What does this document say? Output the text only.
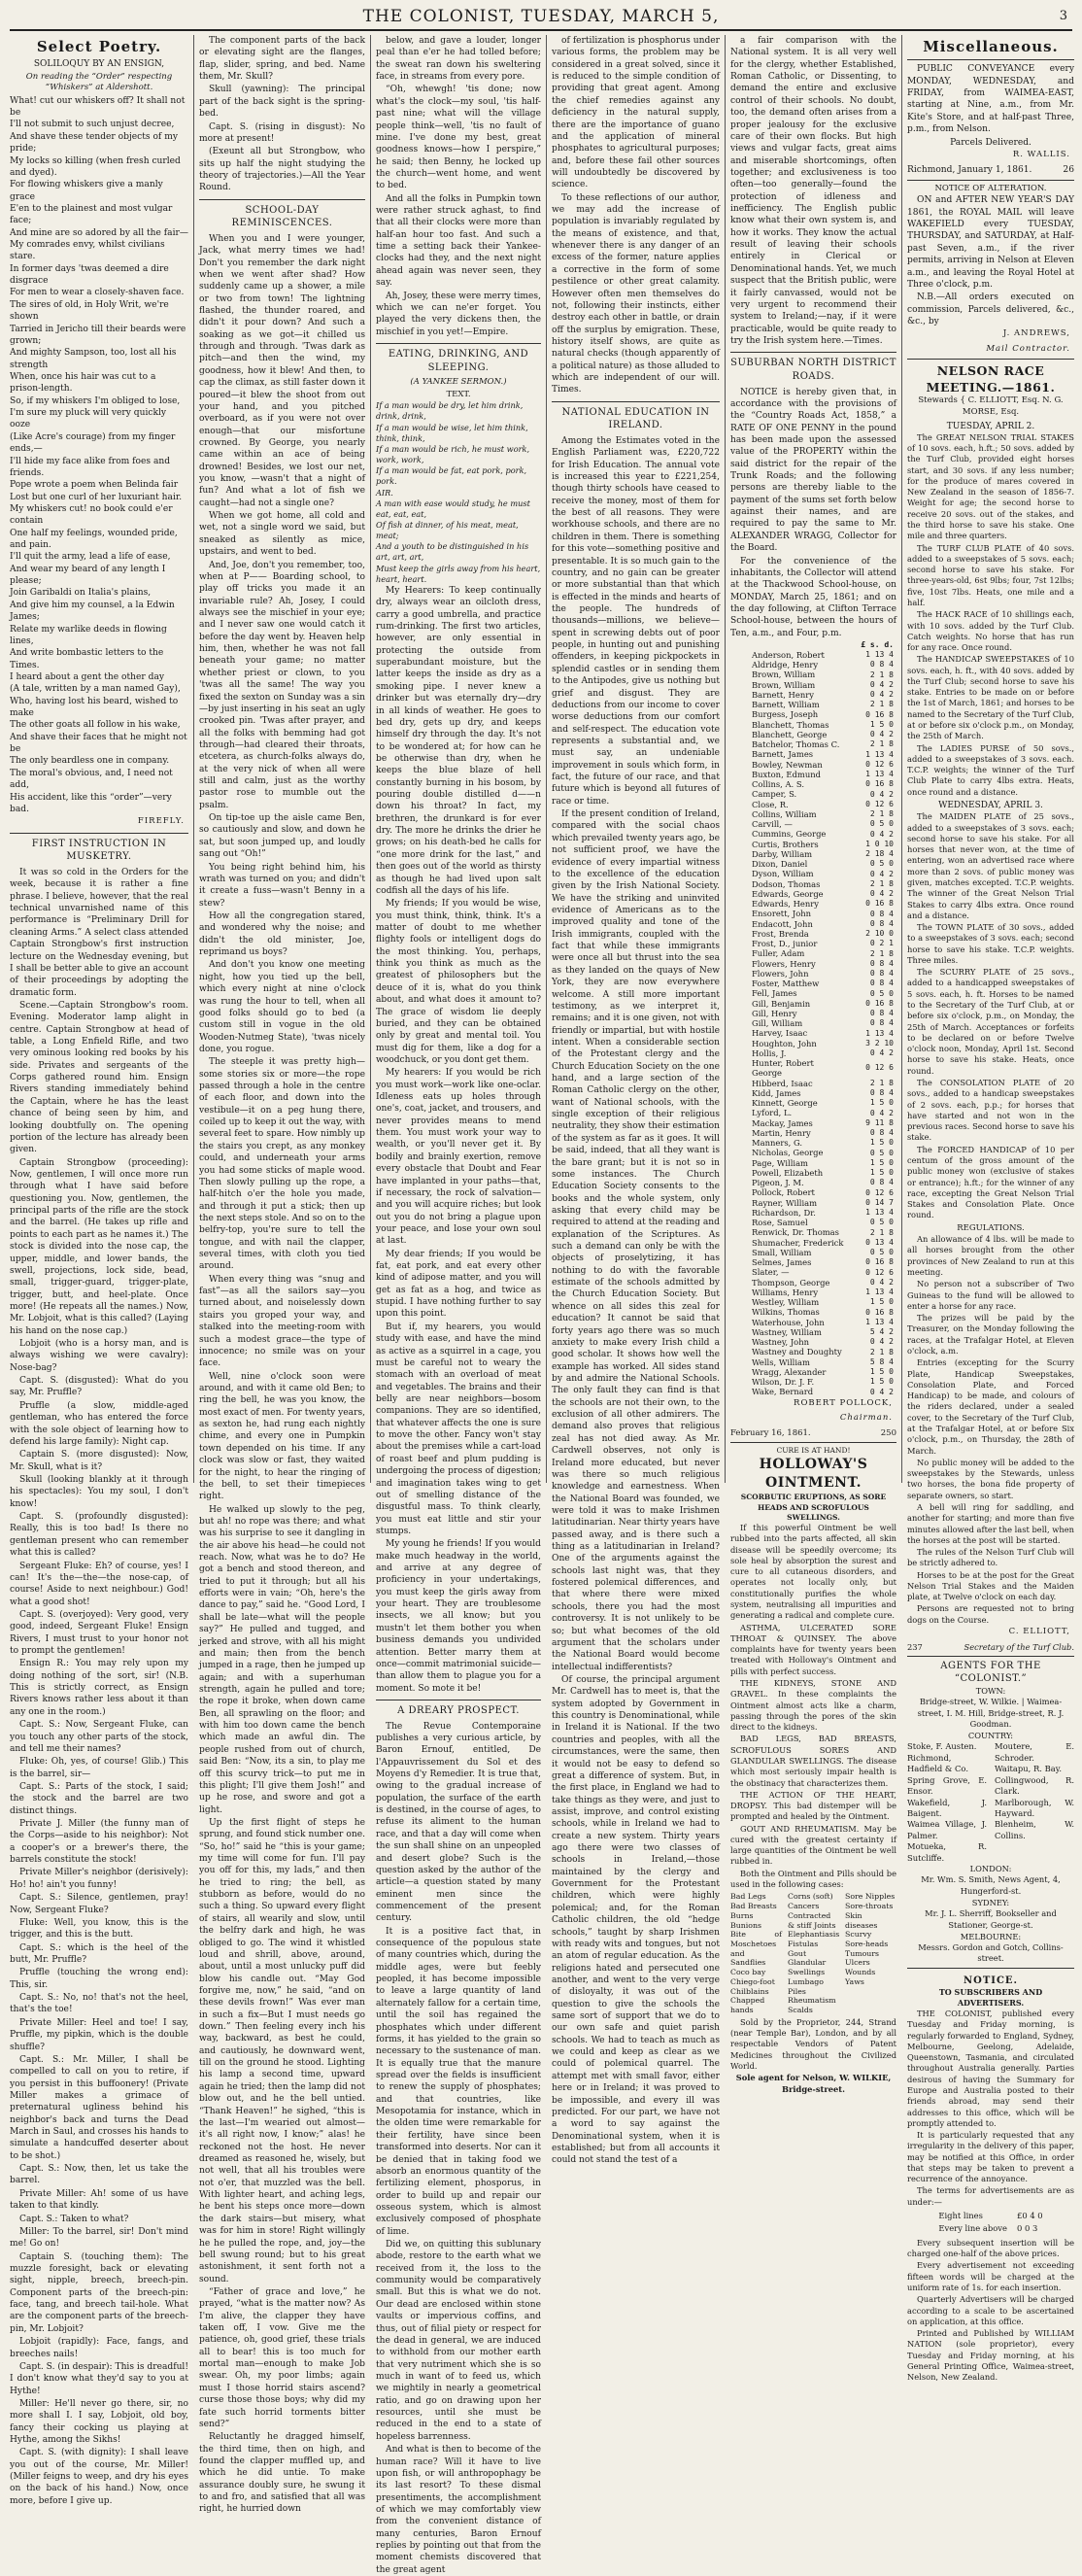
THE COLONIST, TUESDAY, MARCH 5,	3
Select Poetry.
SOLILOQUY BY AN ENSIGN,
On reading the “Order” respecting “Whiskers” at Aldershott.

What! cut our whiskers off? It shall not be

I'll not submit to such unjust decree,

And shave these tender objects of my pride;

My locks so killing (when fresh curled and dyed).

For flowing whiskers give a manly grace

E'en to the plainest and most vulgar face;

And mine are so adored by all the fair—

My comrades envy, whilst civilians stare.

In former days 'twas deemed a dire disgrace

For men to wear a closely-shaven face.

The sires of old, in Holy Writ, we're shown

Tarried in Jericho till their beards were grown;

And mighty Sampson, too, lost all his strength

When, once his hair was cut to a prison-length.

So, if my whiskers I'm obliged to lose,

I'm sure my pluck will very quickly ooze

(Like Acre's courage) from my finger ends,—

I'll hide my face alike from foes and friends.

Pope wrote a poem when Belinda fair

Lost but one curl of her luxuriant hair.

My whiskers cut! no book could e'er contain

One half my feelings, wounded pride, and pain.

I'll quit the army, lead a life of ease,

And wear my beard of any length I please;

Join Garibaldi on Italia's plains,

And give him my counsel, a la Edwin James;

Relate my warlike deeds in flowing lines,

And write bombastic letters to the Times.

I heard about a gent the other day

(A tale, written by a man named Gay),

Who, having lost his beard, wished to make

The other goats all follow in his wake,

And shave their faces that he might not be

The only beardless one in company.

The moral's obvious, and, I need not add,

His accident, like this “order”—very bad.

FIREFLY.
FIRST INSTRUCTION IN MUSKETRY.

It was so cold in the Orders for the week, because it is rather a fine phrase. I believe, however, that the real technical unvarnished name of this performance is “Preliminary Drill for cleaning Arms.” A select class attended Captain Strongbow's first instruction lecture on the Wednesday evening, but I shall be better able to give an account of their proceedings by adopting the dramatic form.

Scene.—Captain Strongbow's room. Evening. Moderator lamp alight in centre. Captain Strongbow at head of table, a Long Enfield Rifle, and two very ominous looking red books by his side. Privates and sergeants of the Corps gathered round him. Ensign Rivers standing immediately behind the Captain, where he has the least chance of being seen by him, and looking doubtfully on. The opening portion of the lecture has already been given.

Captain Strongbow (proceeding): Now, gentlemen, I will once more run through what I have said before questioning you. Now, gentlemen, the principal parts of the rifle are the stock and the barrel. (He takes up rifle and points to each part as he names it.) The stock is divided into the nose cap, the upper, middle, and lower bands, the swell, projections, lock side, bead, small, trigger-guard, trigger-plate, trigger, butt, and heel-plate. Once more! (He repeats all the names.) Now, Mr. Lobjoit, what is this called? (Laying his hand on the nose cap.)

Lobjoit (who is a horsy man, and is always wishing we were cavalry): Nose-bag?

Capt. S. (disgusted): What do you say, Mr. Pruffle?

Pruffle (a slow, middle-aged gentleman, who has entered the force with the sole object of learning how to defend his large family): Night cap.

Captain S. (more disgusted): Now, Mr. Skull, what is it?

Skull (looking blankly at it through his spectacles): You my soul, I don't know!

Capt. S. (profoundly disgusted): Really, this is too bad! Is there no gentleman present who can remember what this is called?

Sergeant Fluke: Eh? of course, yes! I can! It's the—the—the nose-cap, of course! Aside to next neighbour.) God! what a good shot!

Capt. S. (overjoyed): Very good, very good, indeed, Sergeant Fluke! Ensign Rivers, I must trust to your honor not to prompt the gentlemen!

Ensign R.: You may rely upon my doing nothing of the sort, sir! (N.B. This is strictly correct, as Ensign Rivers knows rather less about it than any one in the room.)

Capt. S.: Now, Sergeant Fluke, can you touch any other parts of the stock, and tell me their names?

Fluke: Oh, yes, of course! Glib.) This is the barrel, sir—

Capt. S.: Parts of the stock, I said; the stock and the barrel are two distinct things.

Private J. Miller (the funny man of the Corps—aside to his neighbor): Not a cooper's or a brewer's there, the barrels constitute the stock!

Private Miller's neighbor (derisively): Ho! ho! ain't you funny!

Capt. S.: Silence, gentlemen, pray! Now, Sergeant Fluke?

Fluke: Well, you know, this is the trigger, and this is the butt.

Capt. S.: which is the heel of the butt, Mr. Pruffle?

Pruffle (touching the wrong end): This, sir.

Capt. S.: No, no! that's not the heel, that's the toe!

Private Miller: Heel and toe! I say, Pruffle, my pipkin, which is the double shuffle?

Capt. S.: Mr. Miller, I shall be compelled to call on you to retire, if you persist in this buffoonery! (Private Miller makes a grimace of preternatural ugliness behind his neighbor's back and turns the Dead March in Saul, and crosses his hands to simulate a handcuffed deserter about to be shot.)

Capt. S.: Now, then, let us take the barrel.

Private Miller: Ah! some of us have taken to that kindly.

Capt. S.: Taken to what?

Miller: To the barrel, sir! Don't mind me! Go on!

Captain S. (touching them): The muzzle foresight, back or elevating sight, nipple, breech, breech-pin. Component parts of the breech-pin: face, tang, and breech tail-hole. What are the component parts of the breech-pin, Mr. Lobjoit?

Lobjoit (rapidly): Face, fangs, and breeches nails!

Capt. S. (in despair): This is dreadful! I don't know what they'd say to you at Hythe!

Miller: He'll never go there, sir, no more shall I. I say, Lobjoit, old boy, fancy their cocking us playing at Hythe, among the Sikhs!

Capt. S. (with dignity): I shall leave you out of the course, Mr. Miller! (Miller feigns to weep, and dry his eyes on the back of his hand.) Now, once more, before I give up.

The component parts of the back or elevating sight are the flanges, flap, slider, spring, and bed. Name them, Mr. Skull?

Skull (yawning): The principal part of the back sight is the spring-bed.

Capt. S. (rising in disgust): No more at present!

(Exeunt all but Strongbow, who sits up half the night studying the theory of trajectories.)—All the Year Round.

SCHOOL-DAY REMINISCENCES.

When you and I were younger, Jack, what merry times we had! Don't you remember the dark night when we went after shad? How suddenly came up a shower, a mile or two from town! The lightning flashed, the thunder roared, and didn't it pour down? And such a soaking as we got—it chilled us through and through. 'Twas dark as pitch—and then the wind, my goodness, how it blew! And then, to cap the climax, as still faster down it poured—it blew the shoot from out your hand, and you pitched overboard, as if you were not over enough—that our misfortune crowned. By George, you nearly came within an ace of being drowned! Besides, we lost our net, you know, —wasn't that a night of fun? And what a lot of fish we caught—had not a single one?

When we got home, all cold and wet, not a single word we said, but sneaked as silently as mice, upstairs, and went to bed.

And, Joe, don't you remember, too, when at P—— Boarding school, to play off tricks you made it an invariable rule? Ah, Josey, I could always see the mischief in your eye; and I never saw one would catch it before the day went by. Heaven help him, then, whether he was not fall beneath your game; no matter whether priest or clown, to you 'twas all the same! The way you fixed the sexton on Sunday was a sin—by just inserting in his seat an ugly crooked pin. 'Twas after prayer, and all the folks with bemming had got through—had cleared their throats, etcetera, as church-folks always do, at the very nick of when all were still and calm, just as the worthy pastor rose to mumble out the psalm.

On tip-toe up the aisle came Ben, so cautiously and slow, and down he sat, but soon jumped up, and loudly sang out “Oh!”

You being right behind him, his wrath was turned on you; and didn't it create a fuss—wasn't Benny in a stew?

How all the congregation stared, and wondered why the noise; and didn't the old minister, Joe, reprimand us boys?

And don't you know one meeting night, how you tied up the bell, which every night at nine o'clock was rung the hour to tell, when all good folks should go to bed (a custom still in vogue in the old Wooden-Nutmeg State), 'twas nicely done, you rogue.

The steeple it was pretty high—some stories six or more—the rope passed through a hole in the centre of each floor, and down into the vestibule—it on a peg hung there, coiled up to keep it out the way, with several feet to spare. How nimbly up the stairs you crept, as any monkey could, and underneath your arms you had some sticks of maple wood. Then slowly pulling up the rope, a half-hitch o'er the hole you made, and through it put a stick; then up the next steps stole. And so on to the belfry-top, you're sure to tell the tongue, and with nail the clapper, several times, with cloth you tied around.

When every thing was “snug and fast”—as all the sailors say—you turned about, and noiselessly down stairs you groped your way, and stalked into the meeting-room with such a modest grace—the type of innocence; no smile was on your face.

Well, nine o'clock soon were around, and with it came old Ben; to ring the bell, he was you know, the most exact of men. For twenty years, as sexton he, had rung each nightly chime, and every one in Pumpkin town depended on his time. If any clock was slow or fast, they waited for the night, to hear the ringing of the bell, to set their timepieces right.

He walked up slowly to the peg, but ah! no rope was there; and what was his surprise to see it dangling in the air above his head—he could not reach. Now, what was he to do? He got a bench and stood thereon, and tried to put it through; but all his efforts were in vain; “Oh, here's the dance to pay,” said he. “Good Lord, I shall be late—what will the people say?” He pulled and tugged, and jerked and strove, with all his might and main; then from the bench jumped in a rage, then he jumped up again; and with a superhuman strength, again he pulled and tore; the rope it broke, when down came Ben, all sprawling on the floor; and with him too down came the bench which made an awful din. The people rushed from out of church, said Ben: “Now, its a sin, to play me off this scurvy trick—to put me in this plight; I'll give them Josh!” and up he rose, and swore and got a light.

Up the first flight of steps he sprung, and found stick number one. “So, ho!” said he “this is your game; my time will come for fun. I'll pay you off for this, my lads,” and then he tried to ring; the bell, as stubborn as before, would do no such a thing. So upward every flight of stairs, all wearily and slow, until the belfry dark and high, he was obliged to go. The wind it whistled loud and shrill, above, around, about, until a most unlucky puff did blow his candle out. “May God forgive me, now,” he said, “and on these devils frown!” Was ever man in such a fix—But I must needs go down.” Then feeling every inch his way, backward, as best he could, and cautiously, he downward went, till on the ground he stood. Lighting his lamp a second time, upward again he tried; then the lamp did not blow out, and he the bell untied. “Thank Heaven!” he sighed, “this is the last—I'm wearied out almost—it's all right now, I know;” alas! he reckoned not the host. He never dreamed as reasoned he, wisely, but not well, that all his troubles were not o'er, that muzzled was the bell. With lighter heart, and aching legs, he bent his steps once more—down the dark stairs—but misery, what was for him in store! Right willingly he he pulled the rope, and, joy—the bell swung round; but to his great astonishment, it sent forth not a sound.

“Father of grace and love,” he prayed, “what is the matter now? As I'm alive, the clapper they have taken off, I vow. Give me the patience, oh, good grief, these trials all to bear! this is too much for mortal man—enough to make Job swear. Oh, my poor limbs; again must I those horrid stairs ascend? curse those those boys; why did my fate such horrid torments bitter send?”

Reluctantly he dragged himself, the third time, then on high, and found the clapper muffled up, and which he did untie. To make assurance doubly sure, he swung it to and fro, and satisfied that all was right, he hurried down

below, and gave a louder, longer peal than e'er he had tolled before; the sweat ran down his sweltering face, in streams from every pore.

“Oh, whewgh! 'tis done; now what's the clock—my soul, 'tis half-past nine; what will the village people think—well, 'tis no fault of mine. I've done my best, great goodness knows—how I perspire,” he said; then Benny, he locked up the church—went home, and went to bed.

And all the folks in Pumpkin town were rather struck aghast, to find that all their clocks were more than half-an hour too fast. And such a time a setting back their Yankee-clocks had they, and the next night ahead again was never seen, they say.

Ah, Josey, these were merry times, which we can ne'er forget. You played the very dickens then, the mischief in you yet!—Empire.

EATING, DRINKING, AND SLEEPING.
(A YANKEE SERMON.)
TEXT.

If a man would be dry, let him drink, drink, drink,

If a man would be wise, let him think, think, think,

If a man would be rich, he must work, work, work,

If a man would be fat, eat pork, pork, pork.

AIR.

A man with ease would study, he must eat, eat, eat,

Of fish at dinner, of his meat, meat, meat;

And a youth to be distinguished in his art, art, art,

Must keep the girls away from his heart, heart, heart.

My Hearers: To keep continually dry, always wear an oilcloth dress, carry a good umbrella, and practice rum-drinking. The first two articles, however, are only essential in protecting the outside from superabundant moisture, but the latter keeps the inside as dry as a smoking pipe. I never knew a drinker but was eternally dry—dry in all kinds of weather. He goes to bed dry, gets up dry, and keeps himself dry through the day. It's not to be wondered at; for how can he be otherwise than dry, when he keeps the blue blaze of hell constantly burning in his bosom, by pouring double distilled d——n down his throat? In fact, my brethren, the drunkard is for ever dry. The more he drinks the drier he grows; on his death-bed he calls for “one more drink for the last,” and then goes out of the world as thirsty as though he had lived upon salt codfish all the days of his life.

My friends; If you would be wise, you must think, think, think. It's a matter of doubt to me whether flighty fools or intelligent dogs do the most thinking. You, perhaps, think you think as much as the greatest of philosophers but the deuce of it is, what do you think about, and what does it amount to? The grace of wisdom lie deeply buried, and they can be obtained only by great and mental toil. You must dig for them, like a dog for a woodchuck, or you dont get them.

My hearers: If you would be rich you must work—work like one-oclar. Idleness eats up holes through one's, coat, jacket, and trousers, and never provides means to mend them. You must work your way to wealth, or you'll never get it. By bodily and brainly exertion, remove every obstacle that Doubt and Fear have implanted in your paths—that, if necessary, the rock of salvation—and you will acquire riches; but look out you do not bring a plague upon your peace, and lose your own soul at last.

My dear friends; If you would be fat, eat pork, and eat every other kind of adipose matter, and you will get as fat as a hog, and twice as stupid. I have nothing further to say upon this point.

But if, my hearers, you would study with ease, and have the mind as active as a squirrel in a cage, you must be careful not to weary the stomach with an overload of meat and vegetables. The brains and their belly are near neighbors—bosom companions. They are so identified, that whatever affects the one is sure to move the other. Fancy won't stay about the premises while a cart-load of roast beef and plum pudding is undergoing the process of digestion; and imagination takes wing to get out of smelling distance of the disgustful mass. To think clearly, you must eat little and stir your stumps.

My young he friends! If you would make much headway in the world, and arrive at any degree of proficiency in your undertakings, you must keep the girls away from your heart. They are troublesome insects, we all know; but you mustn't let them bother you when business demands you undivided attention. Better marry them at once—commit matrimonial suicide—than allow them to plague you for a moment. So mote it be!

A DREARY PROSPECT.

The Revue Contemporaine publishes a very curious article, by Baron Ernouf, entitled, De l'Appauvrissement du Sol et des Moyens d'y Remedier. It is true that, owing to the gradual increase of population, the surface of the earth is destined, in the course of ages, to refuse its aliment to the human race, and that a day will come when the sun shall shine on an unpeopled and desert globe? Such is the question asked by the author of the article—a question stated by many eminent men since the commencement of the present century.

It is a positive fact that, in consequence of the populous state of many countries which, during the middle ages, were but feebly peopled, it has become impossible to leave a large quantity of land alternately fallow for a certain time, until the soil has regained the phosphates which under different forms, it has yielded to the grain so necessary to the sustenance of man. It is equally true that the manure spread over the fields is insufficient to renew the supply of phosphates; and that countries, like Mesopotamia for instance, which in the olden time were remarkable for their fertility, have since been transformed into deserts. Nor can it be denied that in taking food we absorb an enormous quantity of the fertilizing element, phosporus, in order to build up and repair our osseous system, which is almost exclusively composed of phosphate of lime.

Did we, on quitting this sublunary abode, restore to the earth what we received from it, the loss to the community would be comparatively small. But this is what we do not. Our dead are enclosed within stone vaults or impervious coffins, and thus, out of filial piety or respect for the dead in general, we are induced to withhold from our mother earth that very nutriment which she is so much in want of to feed us, which we mightily in nearly a geometrical ratio, and go on drawing upon her resources, until she must be reduced in the end to a state of hopeless barrenness.

And what is then to become of the human race? Will it have to live upon fish, or will anthropophagy be its last resort? To these dismal presentiments, the accomplishment of which we may comfortably view from the convenient distance of many centuries, Baron Ernouf replies by pointing out that from the moment chemists discovered that the great agent

of fertilization is phosphorus under various forms, the problem may be considered in a great solved, since it is reduced to the simple condition of providing that great agent. Among the chief remedies against any deficiency in the natural supply, there are the importance of guano and the application of mineral phosphates to agricultural purposes; and, before these fail other sources will undoubtedly be discovered by science.

To these reflections of our author, we may add the increase of population is invariably regulated by the means of existence, and that, whenever there is any danger of an excess of the former, nature applies a corrective in the form of some pestilence or other great calamity. However often men themselves do not, following their instincts, either destroy each other in battle, or drain off the surplus by emigration. These, history itself shows, are quite as natural checks (though apparently of a political nature) as those alluded to which are independent of our will. Times.

NATIONAL EDUCATION IN IRELAND.

Among the Estimates voted in the English Parliament was, £220,722 for Irish Education. The annual vote is increased this year to £221,254, though thirty schools have ceased to receive the money, most of them for the best of all reasons. They were workhouse schools, and there are no children in them. There is something for this vote—something positive and presentable. It is so much gain to the country, and no gain can be greater or more substantial than that which is effected in the minds and hearts of the people. The hundreds of thousands—millions, we believe—spent in screwing debts out of poor people, in hunting out and punishing offenders, in keeping pickpockets in splendid castles or in sending them to the Antipodes, give us nothing but grief and disgust. They are deductions from our income to cover worse deductions from our comfort and self-respect. The education vote represents a substantial and, we must say, an undeniable improvement in souls which form, in fact, the future of our race, and that future which is beyond all futures of race or time.

If the present condition of Ireland, compared with the social chaos which prevailed twenty years ago, be not sufficient proof, we have the evidence of every impartial witness to the excellence of the education given by the Irish National Society. We have the striking and uninvited evidence of Americans as to the improved quality and tone of the Irish immigrants, coupled with the fact that while these immigrants were once all but thrust into the sea as they landed on the quays of New York, they are now everywhere welcome. A still more important testimony, as we interpret it, remains; and it is one given, not with friendly or impartial, but with hostile intent. When a considerable section of the Protestant clergy and the Church Education Society on the one hand, and a large section of the Roman Catholic clergy on the other, want of National schools, with the single exception of their religious neutrality, they show their estimation of the system as far as it goes. It will be said, indeed, that all they want is the bare grant; but it is not so in some instances. The Church Education Society consents to the books and the whole system, only asking that every child may be required to attend at the reading and explanation of the Scriptures. As such a demand can only be with the objects of proselytizing, it has nothing to do with the favorable estimate of the schools admitted by the Church Education Society. But whence on all sides this zeal for education? It cannot be said that forty years ago there was so much anxiety to make every Irish child a good scholar. It shows how well the example has worked. All sides stand by and admire the National Schools. The only fault they can find is that the schools are not their own, to the exclusion of all other admirers. The demand also proves that religious zeal has not died away. As Mr. Cardwell observes, not only is Ireland more educated, but never was there so much religious knowledge and earnestness. When the National Board was founded, we were told it was to make Irishmen latitudinarian. Near thirty years have passed away, and is there such a thing as a latitudinarian in Ireland? One of the arguments against the schools last night was, that they fostered polemical differences, and that where there were mixed schools, there you had the most controversy. It is not unlikely to be so; but what becomes of the old argument that the scholars under the National Board would become intellectual indifferentists?

Of course, the principal argument Mr. Cardwell has to meet is, that the system adopted by Government in this country is Denominational, while in Ireland it is National. If the two countries and peoples, with all the circumstances, were the same, then it would not be easy to defend so great a difference of system. But, in the first place, in England we had to take things as they were, and just to assist, improve, and control existing schools, while in Ireland we had to create a new system. Thirty years ago there were two classes of schools in Ireland,—those maintained by the clergy and Government for the Protestant children, which were highly polemical; and, for the Roman Catholic children, the old “hedge schools,” taught by sharp Irishmen with ready wits and tongues, but not an atom of regular education. As the religions hated and persecuted one another, and went to the very verge of disloyalty, it was out of the question to give the schools the same sort of support that we do to our own safe and quiet parish schools. We had to teach as much as we could and keep as clear as we could of polemical quarrel. The attempt met with small favor, either here or in Ireland; it was proved to be impossible, and every ill was predicted. For our part, we have not a word to say against the Denominational system, when it is established; but from all accounts it could not stand the test of a

a fair comparison with the National system. It is all very well for the clergy, whether Established, Roman Catholic, or Dissenting, to demand the entire and exclusive control of their schools. No doubt, too, the demand often arises from a proper jealousy for the exclusive care of their own flocks. But high views and vulgar facts, great aims and miserable shortcomings, often together; and exclusiveness is too often—too generally—found the protection of idleness and inefficiency. The English public know what their own system is, and how it works. They know the actual result of leaving their schools entirely in Clerical or Denominational hands. Yet, we much suspect that the British public, were it fairly canvassed, would not be very urgent to recommend their system to Ireland;—nay, if it were practicable, would be quite ready to try the Irish system here.—Times.

SUBURBAN NORTH DISTRICT ROADS.

NOTICE is hereby given that, in accordance with the provisions of the “Country Roads Act, 1858,” a RATE OF ONE PENNY in the pound has been made upon the assessed value of the PROPERTY within the said district for the repair of the Trunk Roads; and the following persons are thereby liable to the payment of the sums set forth below against their names, and are required to pay the same to Mr. ALEXANDER WRAGG, Collector for the Board.

For the convenience of the inhabitants, the Collector will attend at the Thackwood School-house, on MONDAY, March 25, 1861; and on the day following, at Clifton Terrace School-house, between the hours of Ten, a.m., and Four, p.m.

	£ s. d.
Anderson, Robert	1 13 4
Aldridge, Henry	0 8 4
Brown, William	2 1 8
Brown, William	0 4 2
Barnett, Henry	0 4 2
Barnett, William	2 1 8
Burgess, Joseph	0 16 8
Blanchett, Thomas	1 5 0
Blanchett, George	0 4 2
Batchelor, Thomas C.	2 1 8
Barnett, James	1 13 4
Bowley, Newman	0 12 6
Buxton, Edmund	1 13 4
Collins, A. S.	0 16 8
Camper, S.	0 4 2
Close, R.	0 12 6
Collins, William	2 1 8
Carvill, —	0 5 0
Cummins, George	0 4 2
Curtis, Brothers	1 0 10
Darby, William	2 18 4
Dixon, Daniel	0 5 0
Dyson, William	0 4 2
Dodson, Thomas	2 1 8
Edwards, George	0 4 2
Edwards, Henry	0 16 8
Ensorett, John	0 8 4
Endacott, John	0 8 4
Frost, Brenda	2 10 0
Frost, D., junior	0 2 1
Fuller, Adam	2 1 8
Flowers, Henry	0 8 4
Flowers, John	0 8 4
Foster, Matthew	0 8 4
Fell, James	0 5 0
Gill, Benjamin	0 16 8
Gill, Henry	0 8 4
Gill, William	0 8 4
Harvey, Isaac	1 13 4
Houghton, John	3 2 10
Hollis, J.	0 4 2
Hunter, Robert George	0 12 6
Hibberd, Isaac	2 1 8
Kidd, James	0 8 4
Kinnett, George	1 5 0
Lyford, L.	0 4 2
Mackay, James	9 11 8
Martin, Henry	0 8 4
Manners, G.	1 5 0
Nicholas, George	0 5 0
Page, William	1 5 0
Powell, Elizabeth	1 5 0
Pigeon, J. M.	0 8 4
Pollock, Robert	0 12 6
Rayner, William	0 14 7
Richardson, Dr.	1 13 4
Rose, Samuel	0 5 0
Renwick, Dr. Thomas	2 1 8
Shumacher, Frederick	0 13 4
Small, William	0 5 0
Selmes, James	0 16 8
Slater, —	0 12 6
Thompson, George	0 4 2
Williams, Henry	1 13 4
Westley, William	1 5 0
Wilkins, Thomas	0 16 8
Waterhouse, John	1 13 4
Wastney, William	5 4 2
Wastney, John	0 4 2
Wastney and Doughty	2 1 8
Wells, William	5 8 4
Wragg, Alexander	1 5 0
Wilson, Dr. J. F.	1 5 0
Wake, Bernard	0 4 2
ROBERT POLLOCK,
Chairman.
February 16, 1861.	250
CURE IS AT HAND!
HOLLOWAY'S OINTMENT.
SCORBUTIC ERUPTIONS, AS SORE HEADS AND SCROFULOUS SWELLINGS.

If this powerful Ointment be well rubbed into the parts affected, all skin disease will be speedily overcome; its sole heal by absorption the surest and cure to all cutaneous disorders, and operates not locally only, but constitutionally purifies the whole system, neutralising all impurities and generating a radical and complete cure.

ASTHMA, ULCERATED SORE THROAT & QUINSEY. The above complaints have for twenty years been treated with Holloway's Ointment and pills with perfect success.

THE KIDNEYS, STONE AND GRAVEL. In these complaints the Ointment almost acts like a charm, passing through the pores of the skin direct to the kidneys.

BAD LEGS, BAD BREASTS, SCROFULOUS SORES AND GLANDULAR SWELLINGS. The disease which most seriously impair health is the obstinacy that characterizes them.

THE ACTION OF THE HEART, DROPSY. This bad distemper will be prompted and healed by the Ointment.

GOUT AND RHEUMATISM. May be cured with the greatest certainty if large quantities of the Ointment be well rubbed in.

Both the Ointment and Pills should be used in the following cases:

Bad Legs
Bad Breasts
Burns
Bunions
Bite of Moschetoes and Sandflies
Coco bay
Chiego-foot
Chilblains
Chapped hands
Corns (soft)
Cancers
Contracted & stiff Joints
Elephantiasis
Fistulas
Gout
Glandular Swellings
Lumbago
Piles
Rheumatism
Scalds
Sore Nipples
Sore-throats
Skin diseases
Scurvy
Sore-heads
Tumours
Ulcers
Wounds
Yaws

Sold by the Proprietor, 244, Strand (near Temple Bar), London, and by all respectable Vendors of Patent Medicines throughout the Civilized World.

Sole agent for Nelson, W. WILKIE, Bridge-street.

Miscellaneous.

PUBLIC CONVEYANCE every MONDAY, WEDNESDAY, and FRIDAY, from WAIMEA-EAST, starting at Nine, a.m., from Mr. Kite's Store, and at half-past Three, p.m., from Nelson.

Parcels Delivered.

R. WALLIS.
Richmond, January 1, 1861.	26
NOTICE OF ALTERATION.

ON and AFTER NEW YEAR'S DAY 1861, the ROYAL MAIL will leave WAKEFIELD every TUESDAY, THURSDAY, and SATURDAY, at Half-past Seven, a.m., if the river permits, arriving in Nelson at Eleven a.m., and leaving the Royal Hotel at Three o'clock, p.m.

N.B.—All orders executed on commission, Parcels delivered, &c., &c., by

J. ANDREWS,
Mail Contractor.
NELSON RACE MEETING.—1861.
Stewards { C. ELLIOTT, Esq. N. G. MORSE, Esq.
TUESDAY, APRIL 2.

The GREAT NELSON TRIAL STAKES of 10 sovs. each, h.ft.; 50 sovs. added by the Turf Club, provided eight horses start, and 30 sovs. if any less number; for the produce of mares covered in New Zealand in the season of 1856-7. Weight for age; the second horse to receive 20 sovs. out of the stakes, and the third horse to save his stake. One mile and three quarters.

The TURF CLUB PLATE of 40 sovs. added to a sweepstakes of 5 sovs. each; second horse to save his stake. For three-years-old, 6st 9lbs; four, 7st 12lbs; five, 10st 7lbs. Heats, one mile and a half.

The HACK RACE of 10 shillings each, with 10 sovs. added by the Turf Club. Catch weights. No horse that has run for any race. Once round.

The HANDICAP SWEEPSTAKES of 10 sovs. each, h. ft., with 40 sovs. added by the Turf Club; second horse to save his stake. Entries to be made on or before the 1st of March, 1861; and horses to be named to the Secretary of the Turf Club, at or before six o'clock p.m., on Monday, the 25th of March.

The LADIES PURSE of 50 sovs., added to a sweepstakes of 3 sovs. each. T.C.P. weights; the winner of the Turf Club Plate to carry 4lbs extra. Heats, once round and a distance.

WEDNESDAY, APRIL 3.

The MAIDEN PLATE of 25 sovs., added to a sweepstakes of 3 sovs. each; second horse to save his stake. For all horses that never won, at the time of entering, won an advertised race where more than 2 sovs. of public money was given, matches excepted. T.C.P. weights. The winner of the Great Nelson Trial Stakes to carry 4lbs extra. Once round and a distance.

The TOWN PLATE of 30 sovs., added to a sweepstakes of 3 sovs. each; second horse to save his stake. T.C.P. weights. Three miles.

The SCURRY PLATE of 25 sovs., added to a handicapped sweepstakes of 5 sovs. each, h. ft. Horses to be named to the Secretary of the Turf Club, at or before six o'clock, p.m., on Monday, the 25th of March. Acceptances or forfeits to be declared on or before Twelve o'clock noon, Monday, April 1st. Second horse to save his stake. Heats, once round.

The CONSOLATION PLATE of 20 sovs., added to a handicap sweepstakes of 2 sovs. each, p.p.; for horses that have started and not won in the previous races. Second horse to save his stake.

The FORCED HANDICAP of 10 per centum of the gross amount of the public money won (exclusive of stakes or entrance); h.ft.; for the winner of any race, excepting the Great Nelson Trial Stakes and Consolation Plate. Once round.

REGULATIONS.

An allowance of 4 lbs. will be made to all horses brought from the other provinces of New Zealand to run at this meeting.

No person not a subscriber of Two Guineas to the fund will be allowed to enter a horse for any race.

The prizes will be paid by the Treasurer, on the Monday following the races, at the Trafalgar Hotel, at Eleven o'clock, a.m.

Entries (excepting for the Scurry Plate, Handicap Sweepstakes, Consolation Plate, and Forced Handicap) to be made, and colours of the riders declared, under a sealed cover, to the Secretary of the Turf Club, at the Trafalgar Hotel, at or before Six o'clock, p.m., on Thursday, the 28th of March.

No public money will be added to the sweepstakes by the Stewards, unless two horses, the bona fide property of separate owners, so start.

A bell will ring for saddling, and another for starting; and more than five minutes allowed after the last bell, when the horses at the post will be started.

The rules of the Nelson Turf Club will be strictly adhered to.

Horses to be at the post for the Great Nelson Trial Stakes and the Maiden plate, at Twelve o'clock on each day.

Persons are requested not to bring dogs on the Course.

C. ELLIOTT,
237	Secretary of the Turf Club.
AGENTS FOR THE “COLONIST.”
TOWN:

Bridge-street, W. Wilkie. | Waimea-street, I. M. Hill, Bridge-street, R. J. Goodman.

COUNTRY:
Stoke, F. Austen.
Richmond, Hadfield & Co.
Spring Grove, E. Ensor.
Wakefield, J. Baigent.
Waimea Village, J. Palmer.
Motueka, R. Sutcliffe.
Moutere, E. Schroder.
Waitapu, R. Bay.
Collingwood, R. Clark.
Marlborough, W. Hayward.
Blenheim, W. Collins.
LONDON:

Mr. Wm. S. Smith, News Agent, 4, Hungerford-st.

SYDNEY:

Mr. J. L. Sherriff, Bookseller and Stationer, George-st.

MELBOURNE:

Messrs. Gordon and Gotch, Collins-street.

NOTICE.
TO SUBSCRIBERS AND ADVERTISERS.

THE COLONIST, published every Tuesday and Friday morning, is regularly forwarded to England, Sydney, Melbourne, Geelong, Adelaide, Queenstown, Tasmania, and circulated throughout Australia generally. Parties desirous of having the Summary for Europe and Australia posted to their friends abroad, may send their addresses to this office, which will be promptly attended to.

It is particularly requested that any irregularity in the delivery of this paper, may be notified at this Office, in order that steps may be taken to prevent a recurrence of the annoyance.

The terms for advertisements are as under:—

Eight lines	£0 4 0
Every line above	0 0 3

Every subsequent insertion will be charged one-half of the above prices.

Every advertisement not exceeding fifteen words will be charged at the uniform rate of 1s. for each insertion.

Quarterly Advertisers will be charged according to a scale to be ascertained on application, at this office.

Printed and Published by WILLIAM NATION (sole proprietor), every Tuesday and Friday morning, at his General Printing Office, Waimea-street, Nelson, New Zealand.
